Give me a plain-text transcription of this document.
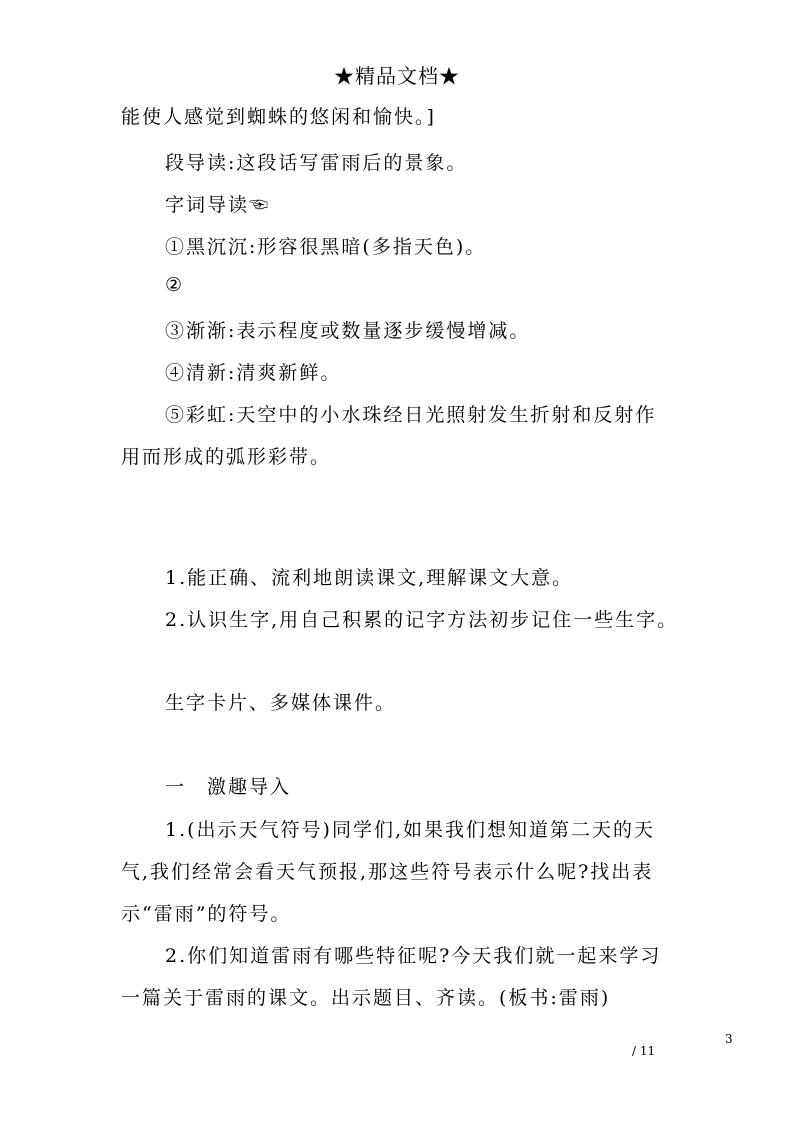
★精品文档★
能使人感觉到蜘蛛的悠闲和愉快。]
段导读:这段话写雷雨后的景象。
字词导读☜
①黑沉沉:形容很黑暗(多指天色)。
②
③渐渐:表示程度或数量逐步缓慢增减。
④清新:清爽新鲜。
⑤彩虹:天空中的小水珠经日光照射发生折射和反射作
用而形成的弧形彩带。
1.能正确、流利地朗读课文,理解课文大意。
2.认识生字,用自己积累的记字方法初步记住一些生字。
生字卡片、多媒体课件。
一　激趣导入
1.(出示天气符号)同学们,如果我们想知道第二天的天
气,我们经常会看天气预报,那这些符号表示什么呢?找出表
示“雷雨”的符号。
2.你们知道雷雨有哪些特征呢?今天我们就一起来学习
一篇关于雷雨的课文。出示题目、齐读。(板书:雷雨)
3
/ 11
